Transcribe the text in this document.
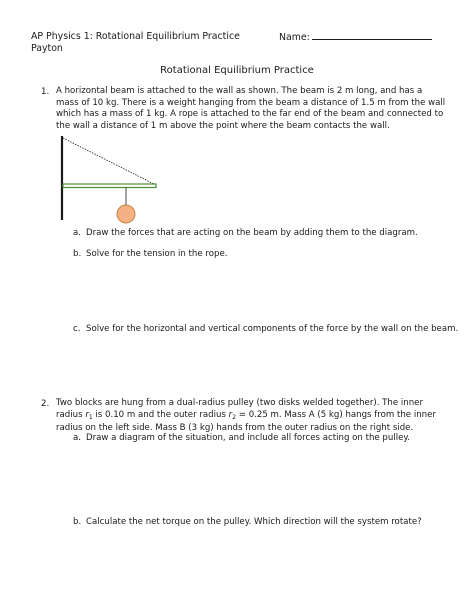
AP Physics 1: Rotational Equilibrium Practice	Name:
Payton
Rotational Equilibrium Practice
1. A horizontal beam is attached to the wall as shown. The beam is 2 m long, and has a mass of 10 kg. There is a weight hanging from the beam a distance of 1.5 m from the wall which has a mass of 1 kg. A rope is attached to the far end of the beam and connected to the wall a distance of 1 m above the point where the beam contacts the wall.
a. Draw the forces that are acting on the beam by adding them to the diagram.
b. Solve for the tension in the rope.
c. Solve for the horizontal and vertical components of the force by the wall on the beam.
2. Two blocks are hung from a dual-radius pulley (two disks welded together). The inner radius $r_1$ is 0.10 m and the outer radius $r_2 = 0.25$ m. Mass A (5 kg) hangs from the inner radius on the left side. Mass B (3 kg) hands from the outer radius on the right side.
a. Draw a diagram of the situation, and include all forces acting on the pulley.
b. Calculate the net torque on the pulley. Which direction will the system rotate?
